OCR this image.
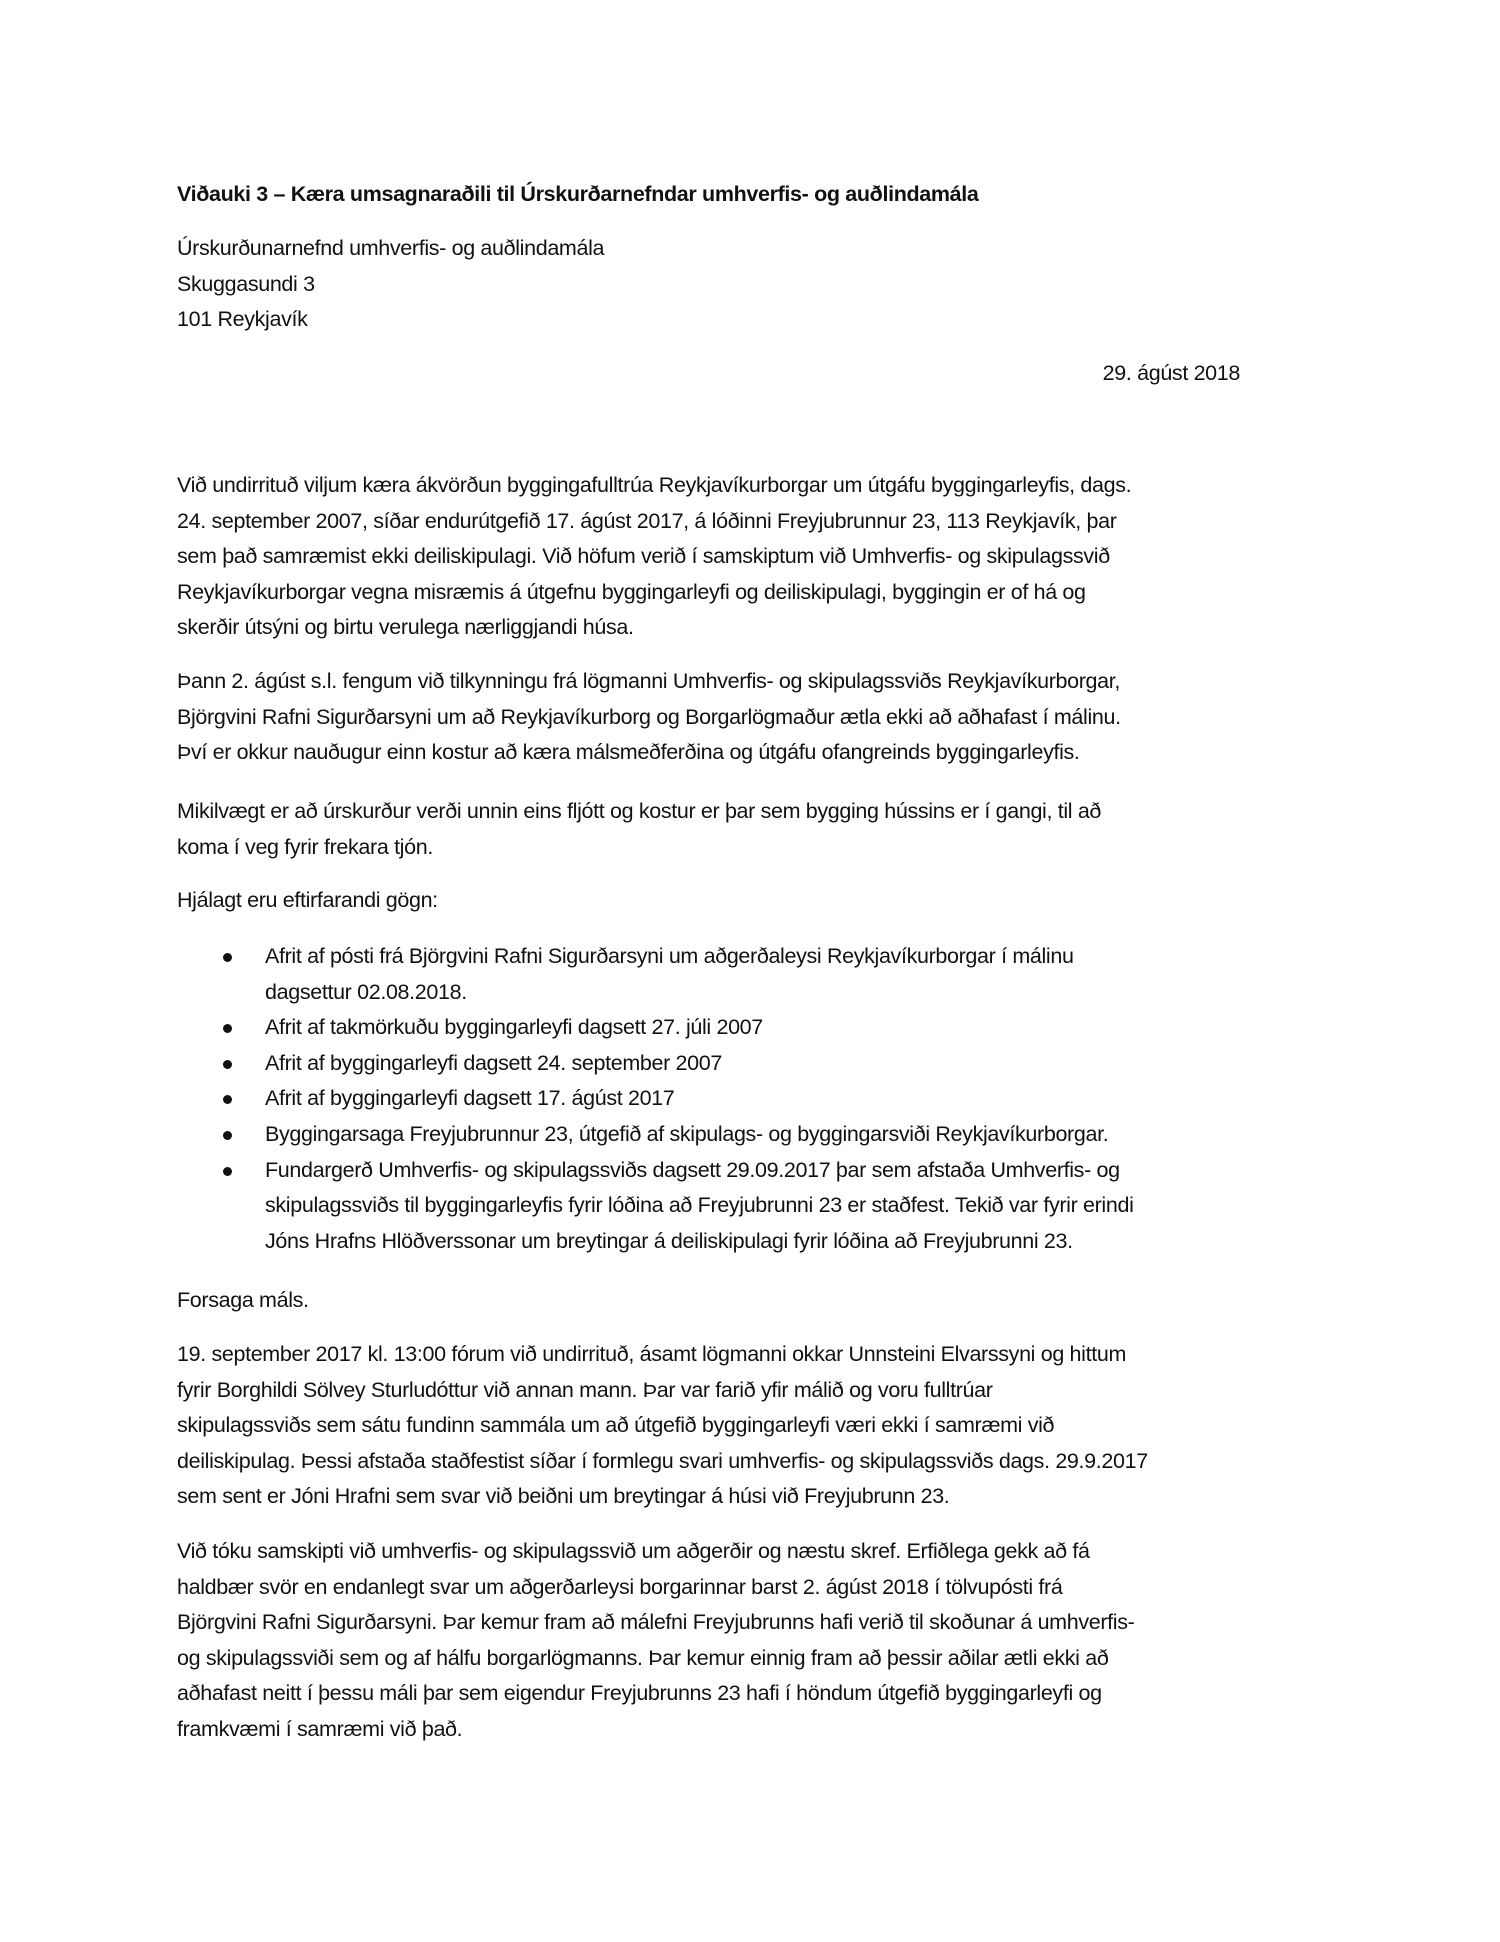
Viðauki 3 – Kæra umsagnaraðili til Úrskurðarnefndar umhverfis- og auðlindamála
Úrskurðunarnefnd umhverfis- og auðlindamála
Skuggasundi 3
101 Reykjavík
29. ágúst 2018
Við undirrituð viljum kæra ákvörðun byggingafulltrúa Reykjavíkurborgar um útgáfu byggingarleyfis, dags.
24. september 2007, síðar endurútgefið 17. ágúst 2017, á lóðinni Freyjubrunnur 23, 113 Reykjavík, þar
sem það samræmist ekki deiliskipulagi. Við höfum verið í samskiptum við Umhverfis- og skipulagssvið
Reykjavíkurborgar vegna misræmis á útgefnu byggingarleyfi og deiliskipulagi, byggingin er of há og
skerðir útsýni og birtu verulega nærliggjandi húsa.
Þann 2. ágúst s.l. fengum við tilkynningu frá lögmanni Umhverfis- og skipulagssviðs Reykjavíkurborgar,
Björgvini Rafni Sigurðarsyni um að Reykjavíkurborg og Borgarlögmaður ætla ekki að aðhafast í málinu.
Því er okkur nauðugur einn kostur að kæra málsmeðferðina og útgáfu ofangreinds byggingarleyfis.
Mikilvægt er að úrskurður verði unnin eins fljótt og kostur er þar sem bygging hússins er í gangi, til að
koma í veg fyrir frekara tjón.
Hjálagt eru eftirfarandi gögn:
Afrit af pósti frá Björgvini Rafni Sigurðarsyni um aðgerðaleysi Reykjavíkurborgar í málinu
dagsettur 02.08.2018.
Afrit af takmörkuðu byggingarleyfi dagsett 27. júli 2007
Afrit af byggingarleyfi dagsett 24. september 2007
Afrit af byggingarleyfi dagsett 17. ágúst 2017
Byggingarsaga Freyjubrunnur 23, útgefið af skipulags- og byggingarsviði Reykjavíkurborgar.
Fundargerð Umhverfis- og skipulagssviðs dagsett 29.09.2017 þar sem afstaða Umhverfis- og
skipulagssviðs til byggingarleyfis fyrir lóðina að Freyjubrunni 23 er staðfest. Tekið var fyrir erindi
Jóns Hrafns Hlöðverssonar um breytingar á deiliskipulagi fyrir lóðina að Freyjubrunni 23.
Forsaga máls.
19. september 2017 kl. 13:00 fórum við undirrituð, ásamt lögmanni okkar Unnsteini Elvarssyni og hittum
fyrir Borghildi Sölvey Sturludóttur við annan mann. Þar var farið yfir málið og voru fulltrúar
skipulagssviðs sem sátu fundinn sammála um að útgefið byggingarleyfi væri ekki í samræmi við
deiliskipulag. Þessi afstaða staðfestist síðar í formlegu svari umhverfis- og skipulagssviðs dags. 29.9.2017
sem sent er Jóni Hrafni sem svar við beiðni um breytingar á húsi við Freyjubrunn 23.
Við tóku samskipti við umhverfis- og skipulagssvið um aðgerðir og næstu skref. Erfiðlega gekk að fá
haldbær svör en endanlegt svar um aðgerðarleysi borgarinnar barst 2. ágúst 2018 í tölvupósti frá
Björgvini Rafni Sigurðarsyni. Þar kemur fram að málefni Freyjubrunns hafi verið til skoðunar á umhverfis-
og skipulagssviði sem og af hálfu borgarlögmanns. Þar kemur einnig fram að þessir aðilar ætli ekki að
aðhafast neitt í þessu máli þar sem eigendur Freyjubrunns 23 hafi í höndum útgefið byggingarleyfi og
framkvæmi í samræmi við það.
